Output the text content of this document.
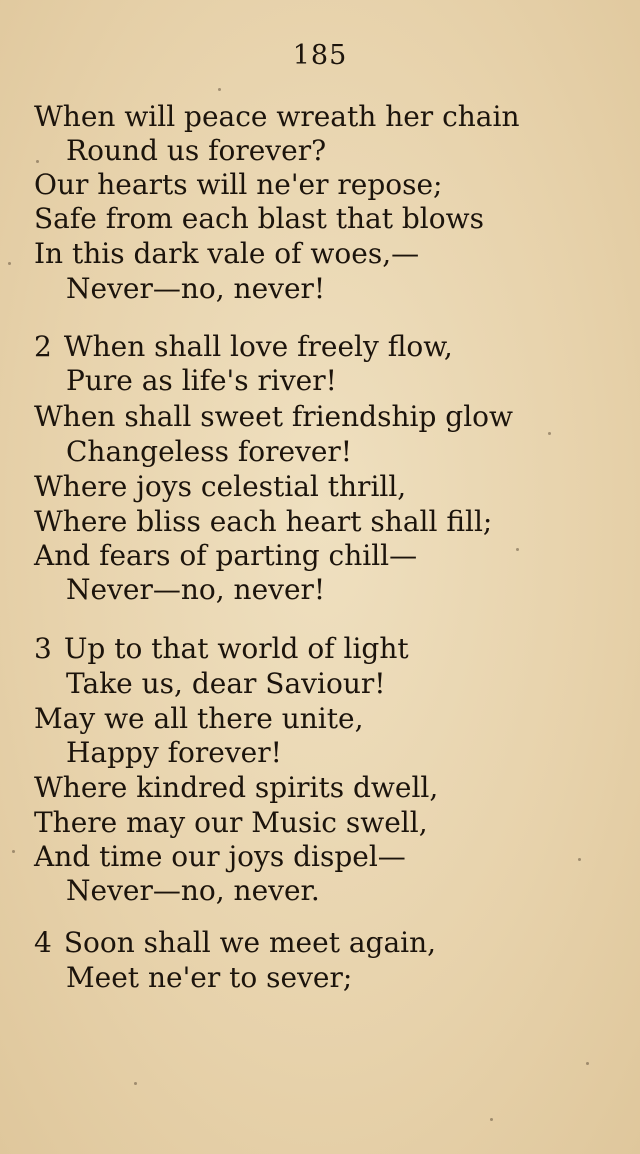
185
When will peace wreath her chain
Round us forever?
Our hearts will ne'er repose;
Safe from each blast that blows
In this dark vale of woes,—
Never—no, never!
2 When shall love freely flow,
Pure as life's river!
When shall sweet friendship glow
Changeless forever!
Where joys celestial thrill,
Where bliss each heart shall fill;
And fears of parting chill—
Never—no, never!
3 Up to that world of light
Take us, dear Saviour!
May we all there unite,
Happy forever!
Where kindred spirits dwell,
There may our Music swell,
And time our joys dispel—
Never—no, never.
4 Soon shall we meet again,
Meet ne'er to sever;
